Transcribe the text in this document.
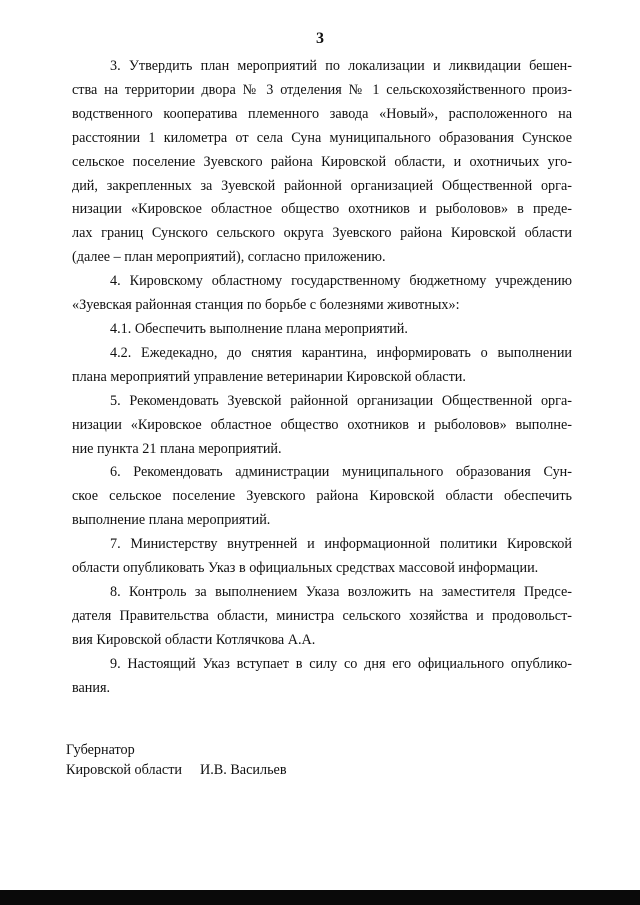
3

3. Утвердить план мероприятий по локализации и ликвидации бешен-
ства на территории двора № 3 отделения № 1 сельскохозяйственного произ-
водственного кооператива племенного завода «Новый», расположенного на
расстоянии 1 километра от села Суна муниципального образования Сунское
сельское поселение Зуевского района Кировской области, и охотничьих уго-
дий, закрепленных за Зуевской районной организацией Общественной орга-
низации «Кировское областное общество охотников и рыболовов» в преде-
лах границ Сунского сельского округа Зуевского района Кировской области
(далее – план мероприятий), согласно приложению.

4. Кировскому областному государственному бюджетному учреждению
«Зуевская районная станция по борьбе с болезнями животных»:

4.1. Обеспечить выполнение плана мероприятий.

4.2. Ежедекадно, до снятия карантина, информировать о выполнении
плана мероприятий управление ветеринарии Кировской области.

5. Рекомендовать Зуевской районной организации Общественной орга-
низации «Кировское областное общество охотников и рыболовов» выполне-
ние пункта 21 плана мероприятий.

6. Рекомендовать администрации муниципального образования Сун-
ское сельское поселение Зуевского района Кировской области обеспечить
выполнение плана мероприятий.

7. Министерству внутренней и информационной политики Кировской
области опубликовать Указ в официальных средствах массовой информации.

8. Контроль за выполнением Указа возложить на заместителя Предсе-
дателя Правительства области, министра сельского хозяйства и продовольст-
вия Кировской области Котлячкова А.А.

9. Настоящий Указ вступает в силу со дня его официального опублико-
вания.

Губернатор
Кировской области И.В. Васильев
